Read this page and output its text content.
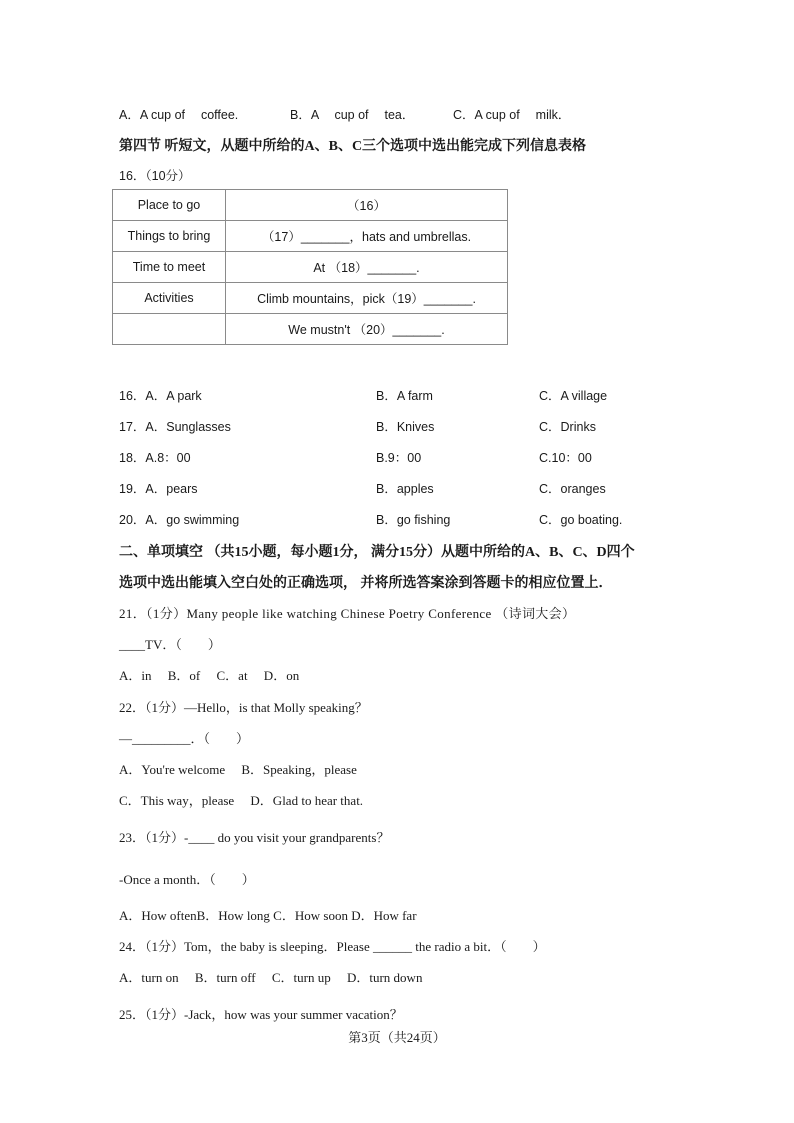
A．A cup of　 coffee.	B．A　 cup of　 tea．	C．A cup of　 milk．
第四节 听短文，从题中所给的A、B、C三个选项中选出能完成下列信息表格
16．（10分）
Place to go	（16）
Things to bring	（17）_______，hats and umbrellas.
Time to meet	At （18）_______.
Activities	Climb mountains，pick（19）_______.
	We mustn't （20）_______.
16．A．A park	B．A farm	C．A village
17．A．Sunglasses	B．Knives	C．Drinks
18．A.8：00	B.9：00	C.10：00
19．A．pears	B．apples	C．oranges
20．A．go swimming	B．go fishing	C．go boating.
二、单项填空 （共15小题，每小题1分， 满分15分）从题中所给的A、B、C、D四个
选项中选出能填入空白处的正确选项， 并将所选答案涂到答题卡的相应位置上．
21．（1分）Many people like watching Chinese Poetry Conference （诗词大会）
____TV．（　　）
A．in　 B．of　 C．at　 D．on
22．（1分）—Hello，is that Molly speaking？
—_________．（　　）
A．You're welcome　 B．Speaking，please
C．This way，please　 D．Glad to hear that.
23．（1分）-____ do you visit your grandparents？
-Once a month．（　　）
A．How oftenB．How long C．How soon D．How far
24．（1分）Tom，the baby is sleeping．Please ______ the radio a bit．（　　）
A．turn on　 B．turn off　 C．turn up　 D．turn down
25．（1分）-Jack，how was your summer vacation？
第3页（共24页）
